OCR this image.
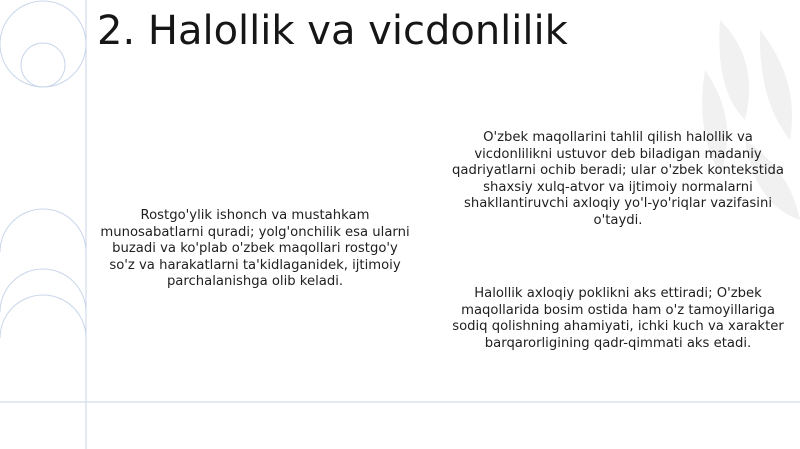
2. Halollik va vicdonlilik

Rostgo'ylik ishonch va mustahkam munosabatlarni quradi; yolg'onchilik esa ularni buzadi va ko'plab o'zbek maqollari rostgo'y so'z va harakatlarni ta'kidlaganidek, ijtimoiy parchalanishga olib keladi.

O'zbek maqollarini tahlil qilish halollik va vicdonlilikni ustuvor deb biladigan madaniy qadriyatlarni ochib beradi; ular o'zbek kontekstida shaxsiy xulq-atvor va ijtimoiy normalarni shakllantiruvchi axloqiy yo'l-yo'riqlar vazifasini o'taydi.

Halollik axloqiy poklikni aks ettiradi; O'zbek maqollarida bosim ostida ham o'z tamoyillariga sodiq qolishning ahamiyati, ichki kuch va xarakter barqarorligining qadr-qimmati aks etadi.
